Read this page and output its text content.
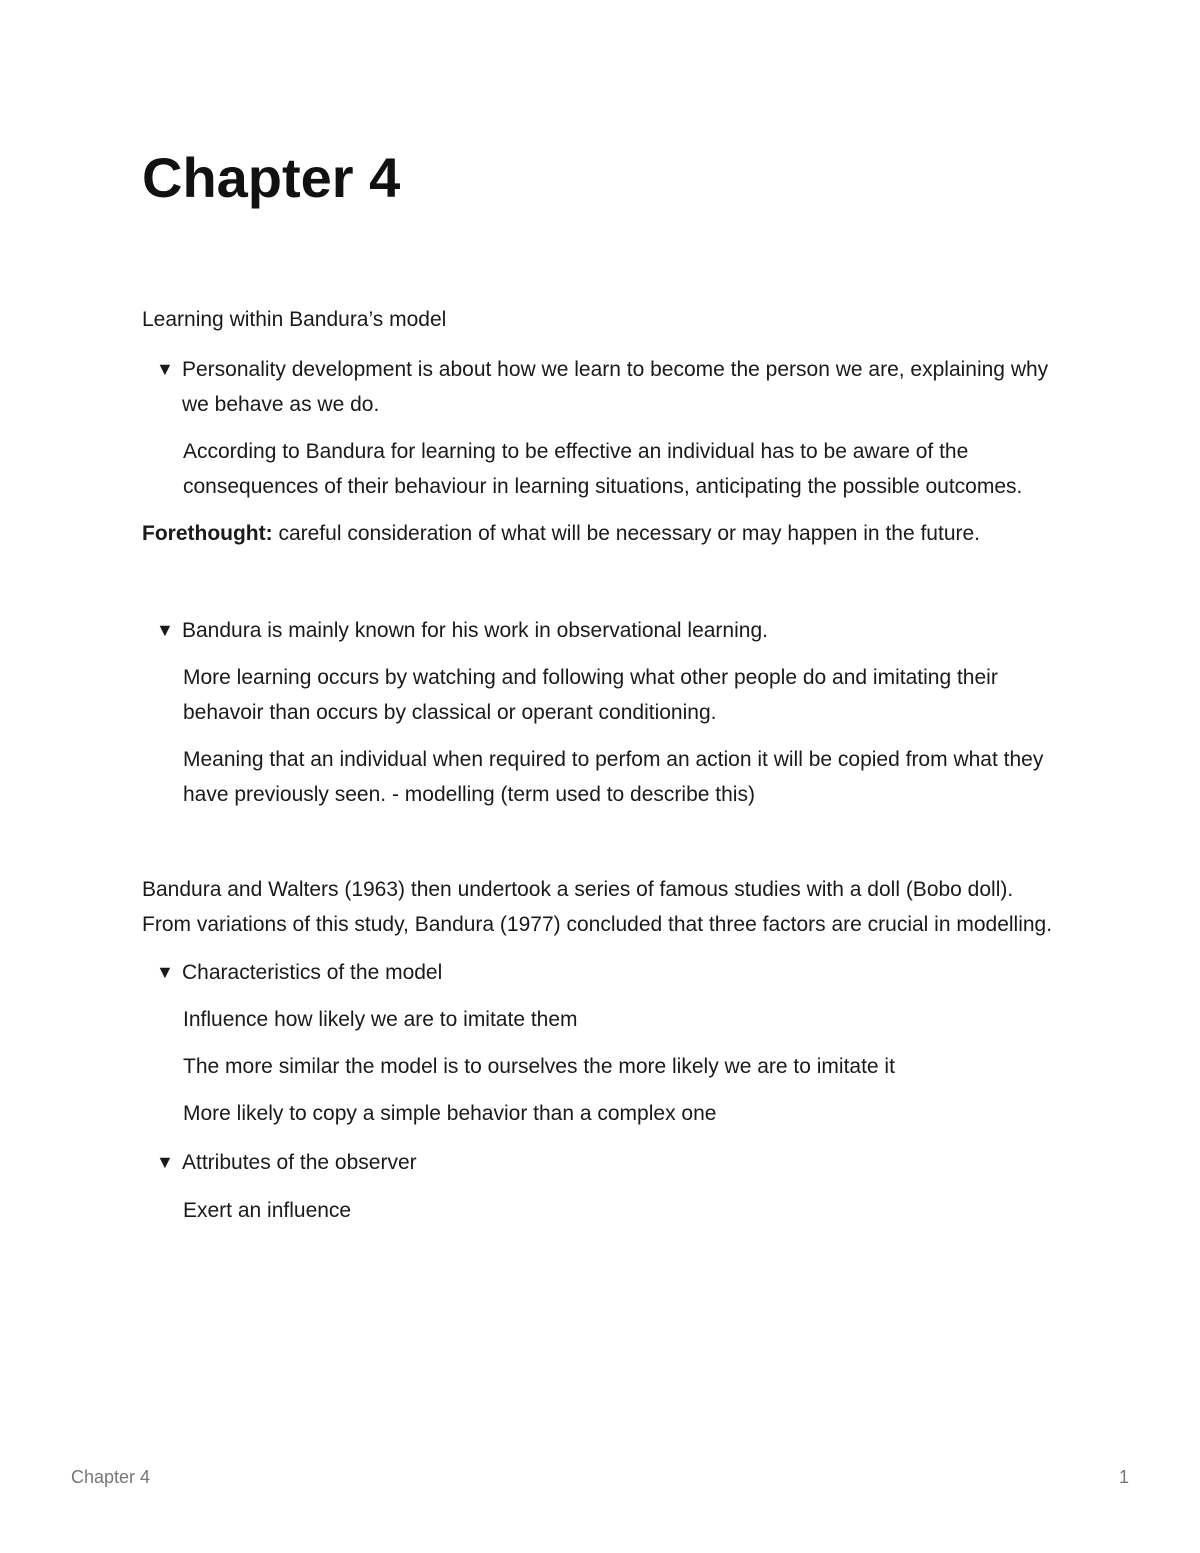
Chapter 4

Learning within Bandura’s model

▼ Personality development is about how we learn to become the person we are, explaining why we behave as we do.

According to Bandura for learning to be effective an individual has to be aware of the consequences of their behaviour in learning situations, anticipating the possible outcomes.

Forethought: careful consideration of what will be necessary or may happen in the future.

▼ Bandura is mainly known for his work in observational learning.

More learning occurs by watching and following what other people do and imitating their behavoir than occurs by classical or operant conditioning.

Meaning that an individual when required to perfom an action it will be copied from what they have previously seen. - modelling (term used to describe this)

Bandura and Walters (1963) then undertook a series of famous studies with a doll (Bobo doll). From variations of this study, Bandura (1977) concluded that three factors are crucial in modelling.

▼ Characteristics of the model

Influence how likely we are to imitate them

The more similar the model is to ourselves the more likely we are to imitate it

More likely to copy a simple behavior than a complex one

▼ Attributes of the observer

Exert an influence

Chapter 4	1
